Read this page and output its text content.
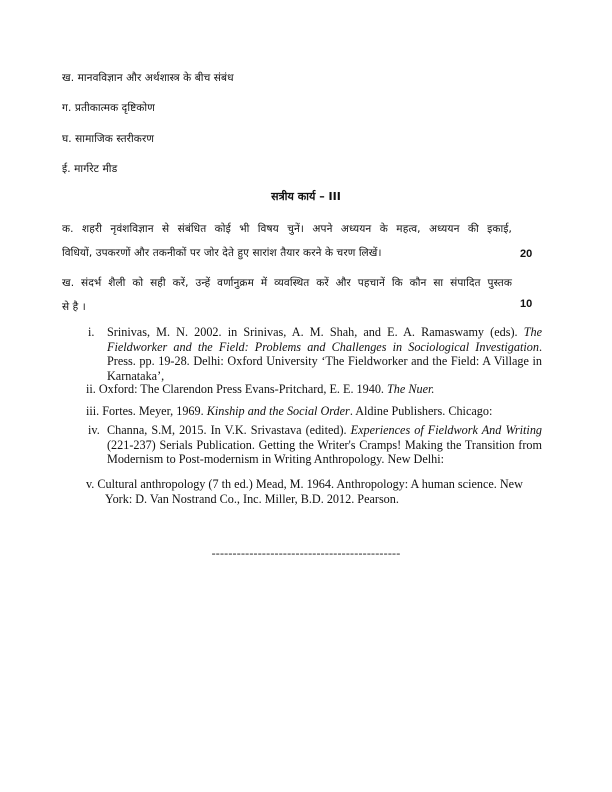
ख. मानवविज्ञान और अर्थशास्त्र के बीच संबंध
ग. प्रतीकात्मक दृष्टिकोण
घ. सामाजिक स्तरीकरण
ई. मार्गरेट मीड
सत्रीय कार्य – III
क. शहरी नृवंशविज्ञान से संबंधित कोई भी विषय चुनें। अपने अध्ययन के महत्व, अध्ययन की इकाई,
विधियों, उपकरणों और तकनीकों पर जोर देते हुए सारांश तैयार करने के चरण लिखें।	20
ख. संदर्भ शैली को सही करें, उन्हें वर्णानुक्रम में व्यवस्थित करें और पहचानें कि कौन सा संपादित पुस्तक
से है ।	10
i. Srinivas, M. N. 2002. in Srinivas, A. M. Shah, and E. A. Ramaswamy (eds). The Fieldworker and the Field: Problems and Challenges in Sociological Investigation. Press. pp. 19-28. Delhi: Oxford University ‘The Fieldworker and the Field: A Village in Karnataka’,
ii. Oxford: The Clarendon Press Evans-Pritchard, E. E. 1940. The Nuer.
iii. Fortes. Meyer, 1969. Kinship and the Social Order. Aldine Publishers. Chicago:
iv. Channa, S.M, 2015. In V.K. Srivastava (edited). Experiences of Fieldwork And Writing (221-237) Serials Publication. Getting the Writer's Cramps! Making the Transition from Modernism to Post-modernism in Writing Anthropology. New Delhi:
v. Cultural anthropology (7 th ed.) Mead, M. 1964. Anthropology: A human science. New
York: D. Van Nostrand Co., Inc. Miller, B.D. 2012. Pearson.
---------------------------------------------
